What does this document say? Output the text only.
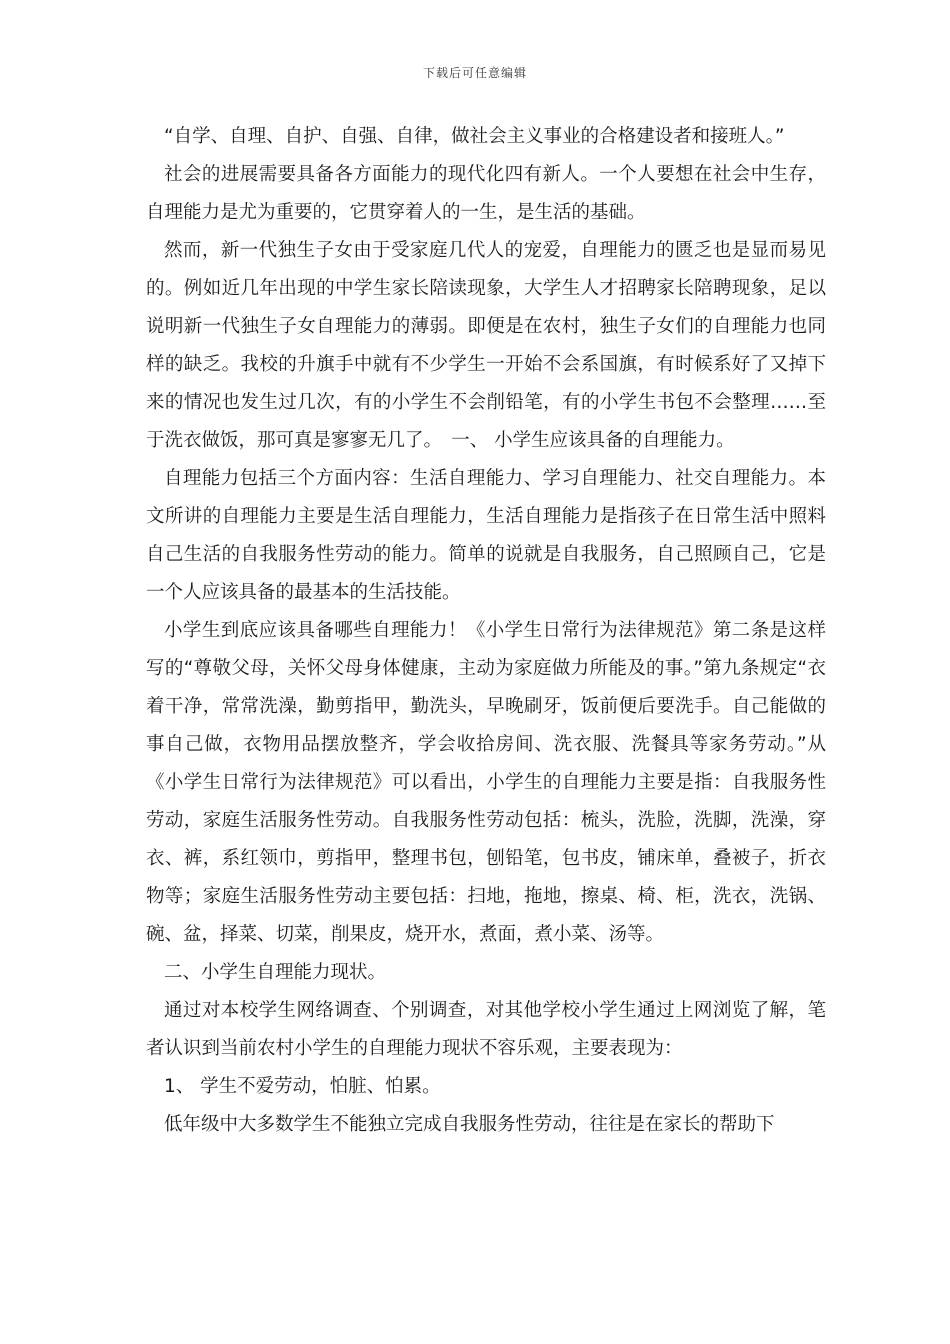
下载后可任意编辑

“自学、自理、自护、自强、自律，做社会主义事业的合格建设者和接班人。”

社会的进展需要具备各方面能力的现代化四有新人。一个人要想在社会中生存，自理能力是尤为重要的，它贯穿着人的一生，是生活的基础。

然而，新一代独生子女由于受家庭几代人的宠爱，自理能力的匮乏也是显而易见的。例如近几年出现的中学生家长陪读现象，大学生人才招聘家长陪聘现象，足以说明新一代独生子女自理能力的薄弱。即便是在农村，独生子女们的自理能力也同样的缺乏。我校的升旗手中就有不少学生一开始不会系国旗，有时候系好了又掉下来的情况也发生过几次，有的小学生不会削铅笔，有的小学生书包不会整理……至于洗衣做饭，那可真是寥寥无几了。　一、 小学生应该具备的自理能力。

自理能力包括三个方面内容：生活自理能力、学习自理能力、社交自理能力。本文所讲的自理能力主要是生活自理能力，生活自理能力是指孩子在日常生活中照料自己生活的自我服务性劳动的能力。简单的说就是自我服务，自己照顾自己，它是一个人应该具备的最基本的生活技能。

小学生到底应该具备哪些自理能力！《小学生日常行为法律规范》第二条是这样写的“尊敬父母，关怀父母身体健康，主动为家庭做力所能及的事。”第九条规定“衣着干净，常常洗澡，勤剪指甲，勤洗头，早晚刷牙，饭前便后要洗手。自己能做的事自己做，衣物用品摆放整齐，学会收拾房间、洗衣服、洗餐具等家务劳动。”从《小学生日常行为法律规范》可以看出，小学生的自理能力主要是指：自我服务性劳动，家庭生活服务性劳动。自我服务性劳动包括：梳头，洗脸，洗脚，洗澡，穿衣、裤，系红领巾，剪指甲，整理书包，刨铅笔，包书皮，铺床单，叠被子，折衣物等；家庭生活服务性劳动主要包括：扫地，拖地，擦桌、椅、柜，洗衣，洗锅、碗、盆，择菜、切菜，削果皮，烧开水，煮面，煮小菜、汤等。

二、小学生自理能力现状。

通过对本校学生网络调查、个别调查，对其他学校小学生通过上网浏览了解，笔者认识到当前农村小学生的自理能力现状不容乐观，主要表现为：

1、 学生不爱劳动，怕脏、怕累。

低年级中大多数学生不能独立完成自我服务性劳动，往往是在家长的帮助下
